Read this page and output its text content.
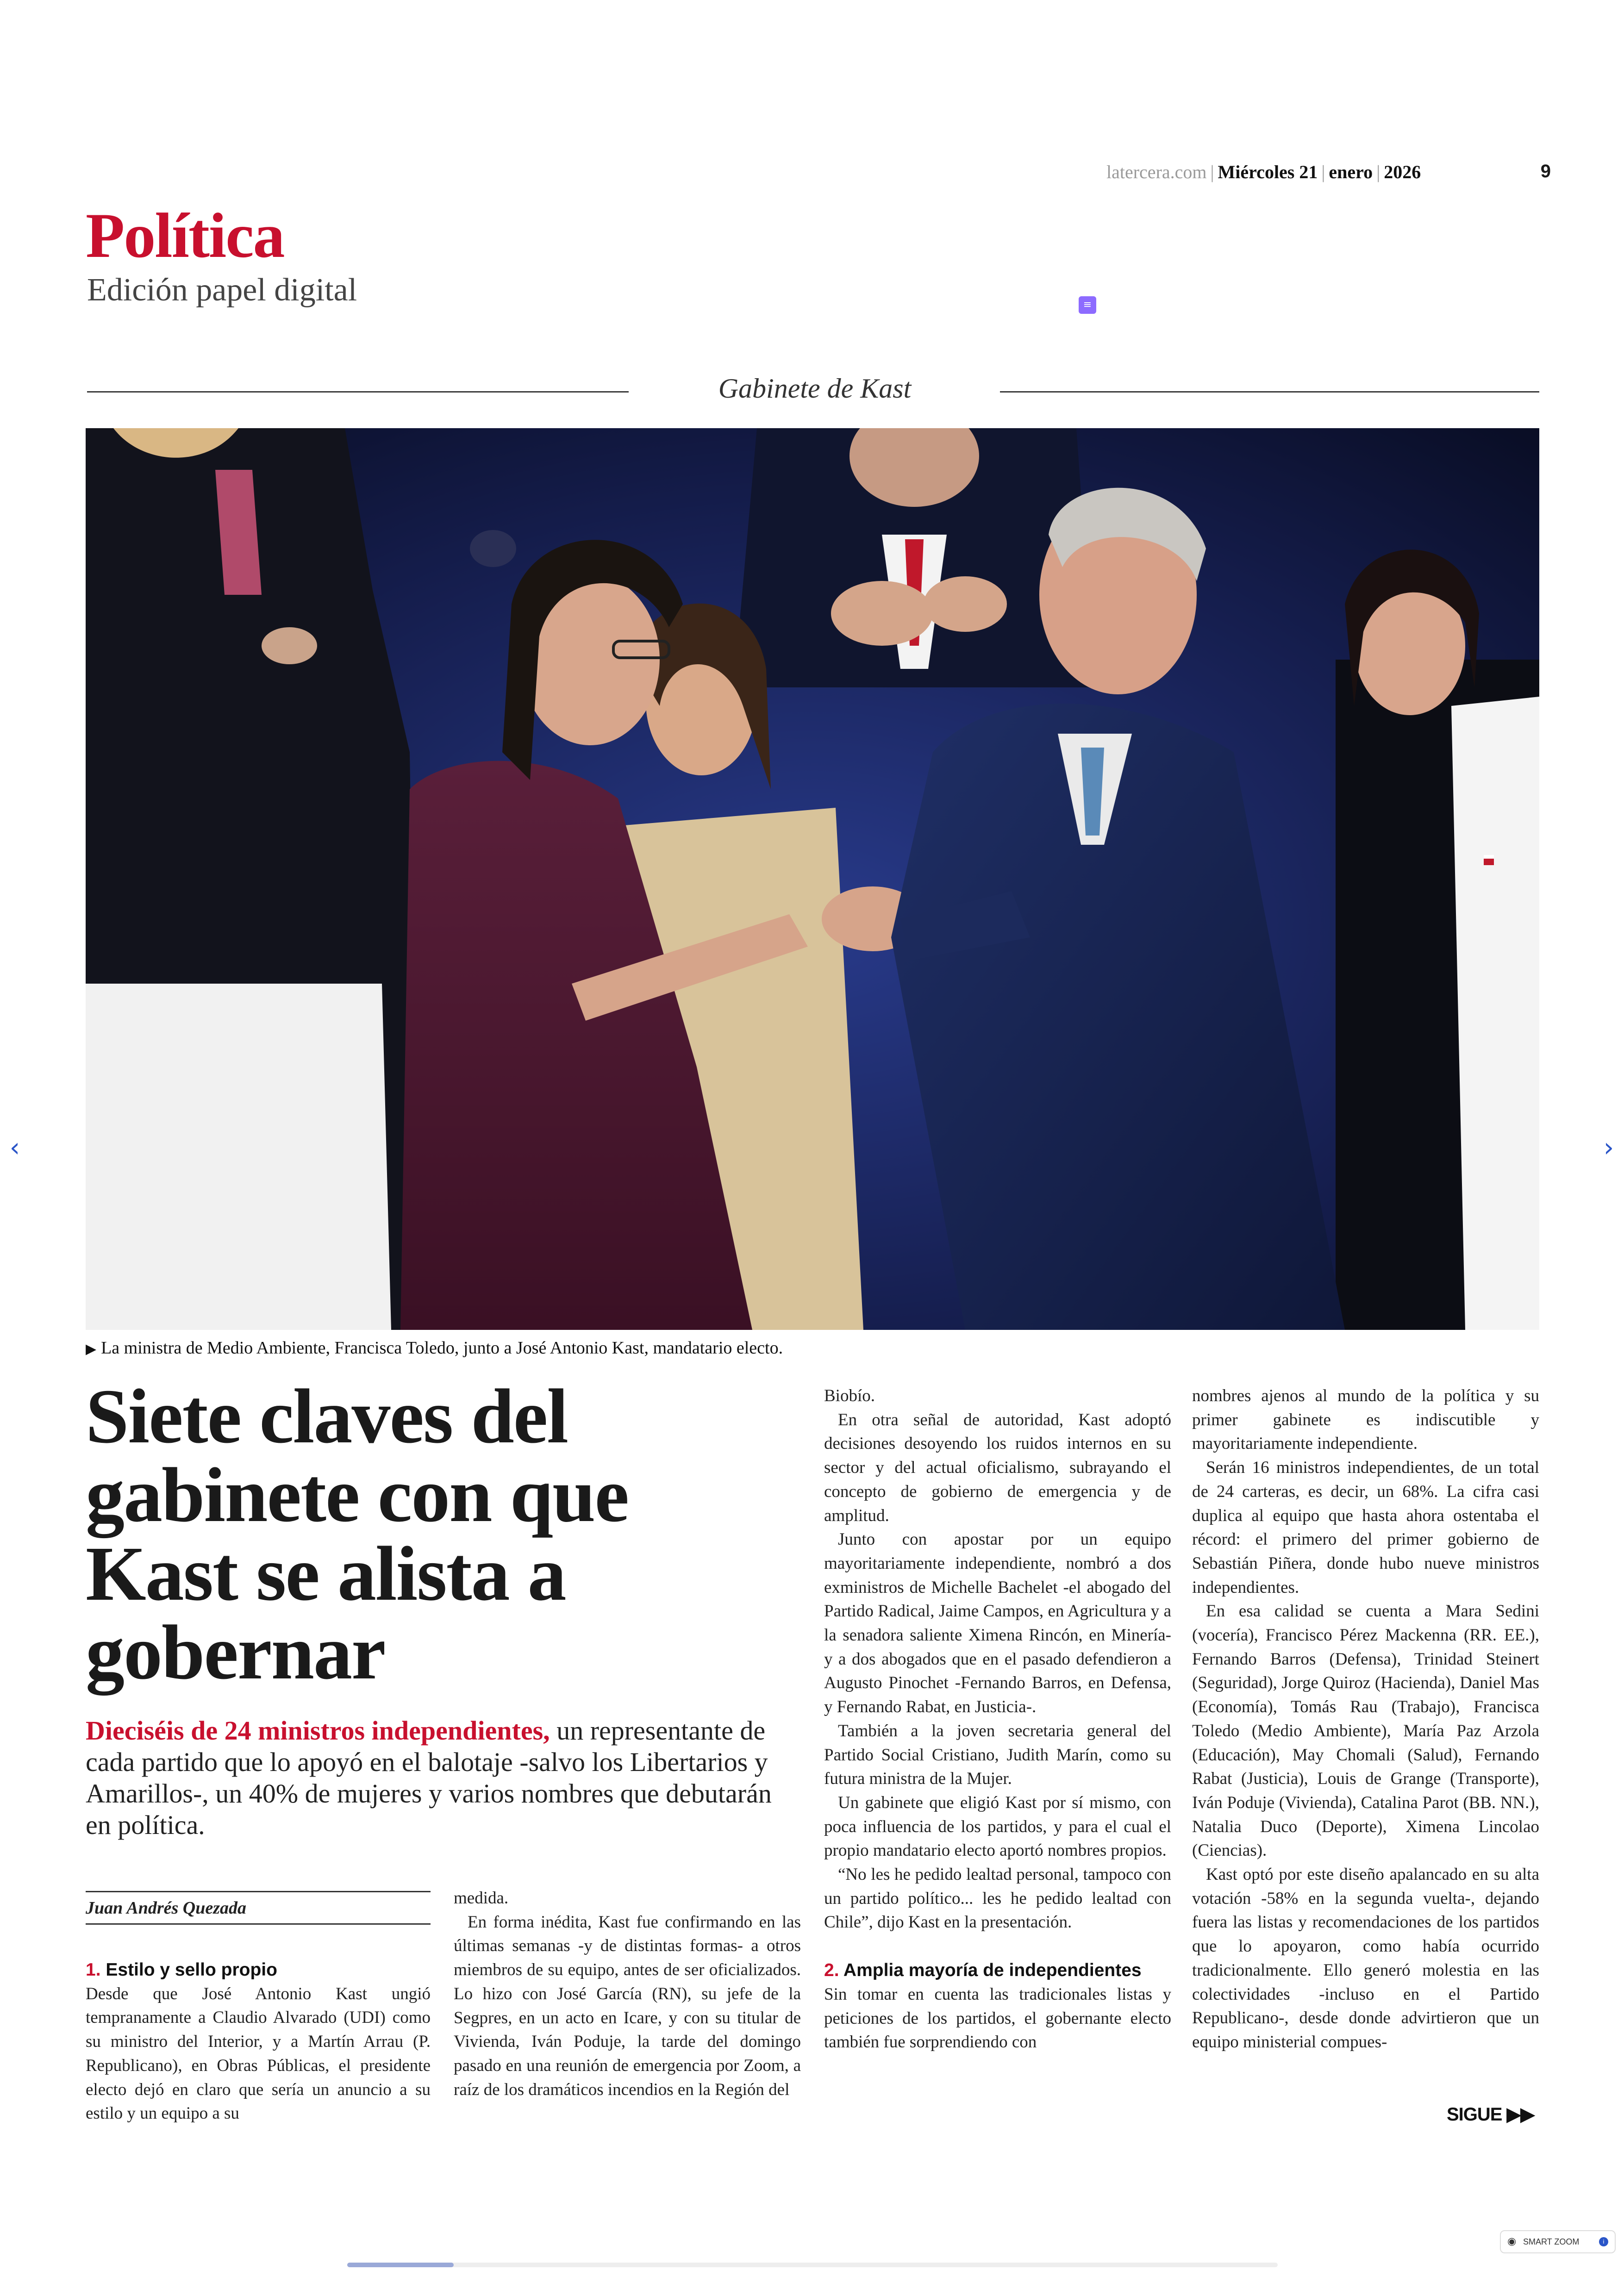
latercera.com | Miércoles 21 | enero | 2026	9
Política
Edición papel digital	≡
Gabinete de Kast
▶ La ministra de Medio Ambiente, Francisca Toledo, junto a José Antonio Kast, mandatario electo.
Siete claves del gabinete con que Kast se alista a gobernar
Dieciséis de 24 ministros independientes, un representante de cada partido que lo apoyó en el balotaje -salvo los Libertarios y Amarillos-, un 40% de mujeres y varios nombres que debutarán en política.
Juan Andrés Quezada

1. Estilo y sello propio

Desde que José Antonio Kast ungió tempranamente a Claudio Alvarado (UDI) como su ministro del Interior, y a Martín Arrau (P. Republicano), en Obras Públicas, el presidente electo dejó en claro que sería un anuncio a su estilo y un equipo a su

medida.

En forma inédita, Kast fue confirmando en las últimas semanas -y de distintas formas- a otros miembros de su equipo, antes de ser oficializados. Lo hizo con José García (RN), su jefe de la Segpres, en un acto en Icare, y con su titular de Vivienda, Iván Poduje, la tarde del domingo pasado en una reunión de emergencia por Zoom, a raíz de los dramáticos incendios en la Región del

Biobío.

En otra señal de autoridad, Kast adoptó decisiones desoyendo los ruidos internos en su sector y del actual oficialismo, subrayando el concepto de gobierno de emergencia y de amplitud.

Junto con apostar por un equipo mayoritariamente independiente, nombró a dos exministros de Michelle Bachelet -el abogado del Partido Radical, Jaime Campos, en Agricultura y a la senadora saliente Ximena Rincón, en Minería- y a dos abogados que en el pasado defendieron a Augusto Pinochet -Fernando Barros, en Defensa, y Fernando Rabat, en Justicia-.

También a la joven secretaria general del Partido Social Cristiano, Judith Marín, como su futura ministra de la Mujer.

Un gabinete que eligió Kast por sí mismo, con poca influencia de los partidos, y para el cual el propio mandatario electo aportó nombres propios.

“No les he pedido lealtad personal, tampoco con un partido político... les he pedido lealtad con Chile”, dijo Kast en la presentación.

2. Amplia mayoría de independientes

Sin tomar en cuenta las tradicionales listas y peticiones de los partidos, el gobernante electo también fue sorprendiendo con

nombres ajenos al mundo de la política y su primer gabinete es indiscutible y mayoritariamente independiente.

Serán 16 ministros independientes, de un total de 24 carteras, es decir, un 68%. La cifra casi duplica al equipo que hasta ahora ostentaba el récord: el primero del primer gobierno de Sebastián Piñera, donde hubo nueve ministros independientes.

En esa calidad se cuenta a Mara Sedini (vocería), Francisco Pérez Mackenna (RR. EE.), Fernando Barros (Defensa), Trinidad Steinert (Seguridad), Jorge Quiroz (Hacienda), Daniel Mas (Economía), Tomás Rau (Trabajo), Francisca Toledo (Medio Ambiente), María Paz Arzola (Educación), May Chomali (Salud), Fernando Rabat (Justicia), Louis de Grange (Transporte), Iván Poduje (Vivienda), Catalina Parot (BB. NN.), Natalia Duco (Deporte), Ximena Lincolao (Ciencias).

Kast optó por este diseño apalancado en su alta votación -58% en la segunda vuelta-, dejando fuera las listas y recomendaciones de los partidos que lo apoyaron, como había ocurrido tradicionalmente. Ello generó molestia en las colectividades -incluso en el Partido Republicano-, desde donde advirtieron que un equipo ministerial compues-

SIGUE ▶▶
‹	›
◉ SMART ZOOM	i
